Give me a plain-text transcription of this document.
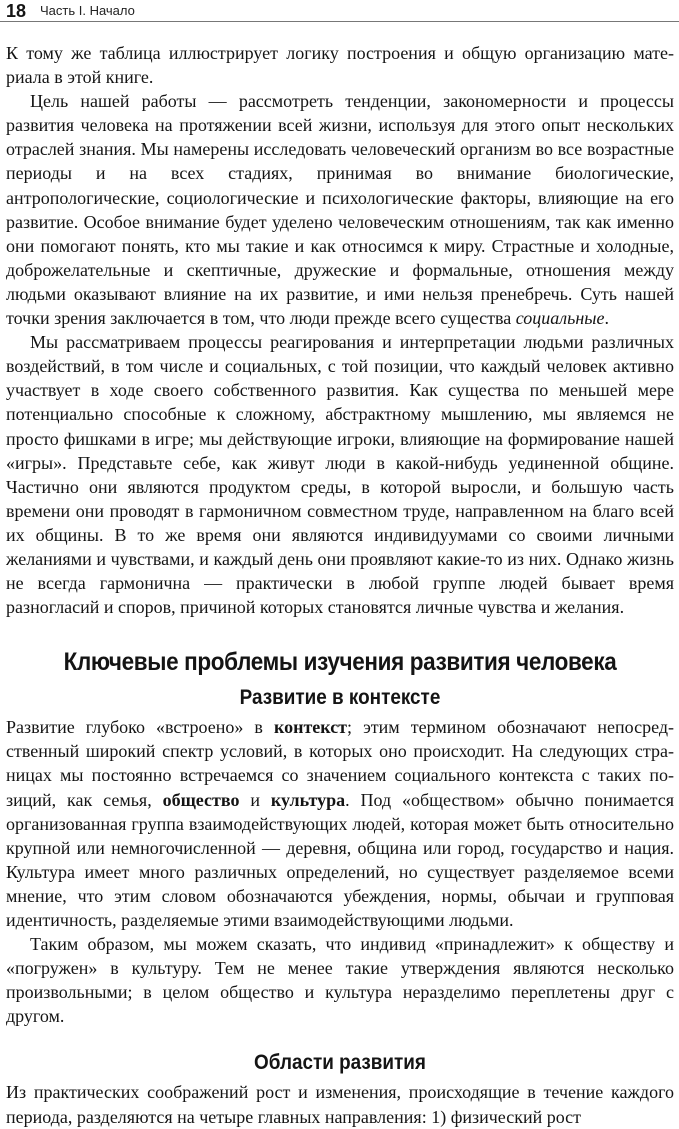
18 Часть I. Начало

К тому же таблица иллюстрирует логику построения и общую организацию материала в этой книге.

Цель нашей работы — рассмотреть тенденции, закономерности и процессы развития человека на протяжении всей жизни, используя для этого опыт нескольких отраслей знания. Мы намерены исследовать человеческий организм во все возрастные периоды и на всех стадиях, принимая во внимание биологические, антропологические, социологические и психологические факторы, влияющие на его развитие. Особое внимание будет уделено человеческим отношениям, так как именно они помогают понять, кто мы такие и как относимся к миру. Страстные и холодные, доброжелательные и скептичные, дружеские и формальные, отношения между людьми оказывают влияние на их развитие, и ими нельзя пренебречь. Суть нашей точки зрения заключается в том, что люди прежде всего существа социальные.

Мы рассматриваем процессы реагирования и интерпретации людьми различных воздействий, в том числе и социальных, с той позиции, что каждый человек активно участвует в ходе своего собственного развития. Как существа по меньшей мере потенциально способные к сложному, абстрактному мышлению, мы являемся не просто фишками в игре; мы действующие игроки, влияющие на формирование нашей «игры». Представьте себе, как живут люди в какой-нибудь уединенной общине. Частично они являются продуктом среды, в которой выросли, и большую часть времени они проводят в гармоничном совместном труде, направленном на благо всей их общины. В то же время они являются индивидуумами со своими личными желаниями и чувствами, и каждый день они проявляют какие-то из них. Однако жизнь не всегда гармонична — практически в любой группе людей бывает время разногласий и споров, причиной которых становятся личные чувства и желания.

Ключевые проблемы изучения развития человека
Развитие в контексте

Развитие глубоко «встроено» в контекст; этим термином обозначают непосредственный широкий спектр условий, в которых оно происходит. На следующих страницах мы постоянно встречаемся со значением социального контекста с таких позиций, как семья, общество и культура. Под «обществом» обычно понимается организованная группа взаимодействующих людей, которая может быть относительно крупной или немногочисленной — деревня, община или город, государство и нация. Культура имеет много различных определений, но существует разделяемое всеми мнение, что этим словом обозначаются убеждения, нормы, обычаи и групповая идентичность, разделяемые этими взаимодействующими людьми.

Таким образом, мы можем сказать, что индивид «принадлежит» к обществу и «погружен» в культуру. Тем не менее такие утверждения являются несколько произвольными; в целом общество и культура неразделимо переплетены друг с другом.

Области развития

Из практических соображений рост и изменения, происходящие в течение каждого периода, разделяются на четыре главных направления: 1) физический рост
